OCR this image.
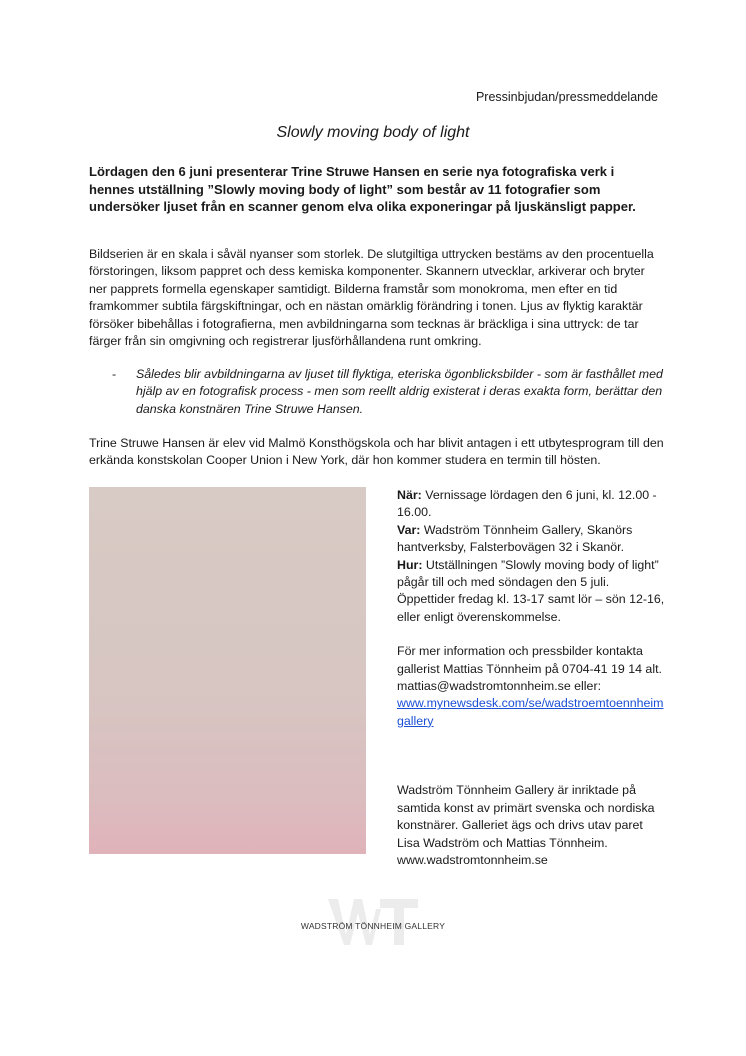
Pressinbjudan/pressmeddelande
Slowly moving body of light

Lördagen den 6 juni presenterar Trine Struwe Hansen en serie nya fotografiska verk i hennes utställning ”Slowly moving body of light” som består av 11 fotografier som undersöker ljuset från en scanner genom elva olika exponeringar på ljuskänsligt papper.

Bildserien är en skala i såväl nyanser som storlek. De slutgiltiga uttrycken bestäms av den procentuella förstoringen, liksom pappret och dess kemiska komponenter. Skannern utvecklar, arkiverar och bryter ner papprets formella egenskaper samtidigt. Bilderna framstår som monokroma, men efter en tid framkommer subtila färgskiftningar, och en nästan omärklig förändring i tonen. Ljus av flyktig karaktär försöker bibehållas i fotografierna, men avbildningarna som tecknas är bräckliga i sina uttryck: de tar färger från sin omgivning och registrerar ljusförhållandena runt omkring.

- Således blir avbildningarna av ljuset till flyktiga, eteriska ögonblicksbilder - som är fasthållet med hjälp av en fotografisk process - men som reellt aldrig existerat i deras exakta form, berättar den danska konstnären Trine Struwe Hansen.

Trine Struwe Hansen är elev vid Malmö Konsthögskola och har blivit antagen i ett utbytesprogram till den erkända konstskolan Cooper Union i New York, där hon kommer studera en termin till hösten.

När: Vernissage lördagen den 6 juni, kl. 12.00 - 16.00.

Var: Wadström Tönnheim Gallery, Skanörs hantverksby, Falsterbovägen 32 i Skanör.

Hur: Utställningen ”Slowly moving body of light” pågår till och med söndagen den 5 juli. Öppettider fredag kl. 13-17 samt lör – sön 12-16, eller enligt överenskommelse.

För mer information och pressbilder kontakta gallerist Mattias Tönnheim på 0704-41 19 14 alt. mattias@wadstromtonnheim.se eller:

www.mynewsdesk.com/se/wadstroemtoennheimgallery

Wadström Tönnheim Gallery är inriktade på samtida konst av primärt svenska och nordiska konstnärer. Galleriet ägs och drivs utav paret Lisa Wadström och Mattias Tönnheim.

www.wadstromtonnheim.se

WADSTRÖM TÖNNHEIM GALLERY
